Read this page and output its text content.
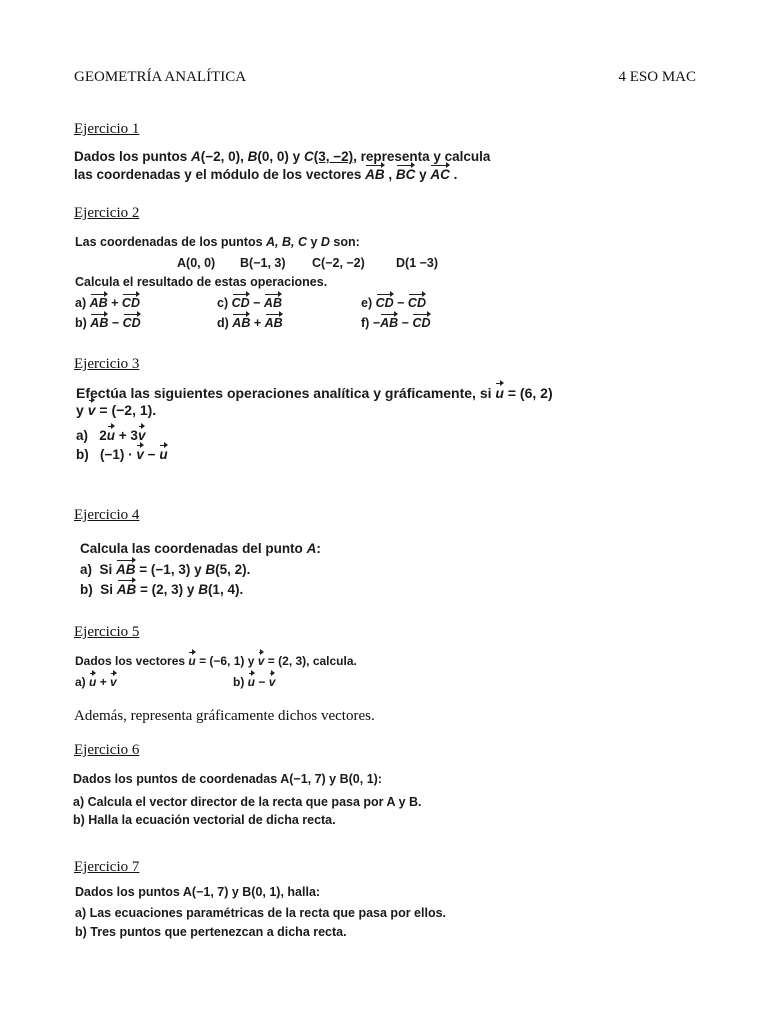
GEOMETRÍA ANALÍTICA	4 ESO MAC
Ejercicio 1
Dados los puntos A(−2, 0), B(0, 0) y C(3, −2), representa y calcula
las coordenadas y el módulo de los vectores AB , BC y AC .
Ejercicio 2
Las coordenadas de los puntos A, B, C y D son:
A(0, 0) B(−1, 3) C(−2, −2) D(1 −3)
Calcula el resultado de estas operaciones.
a) AB + CD
b) AB − CD
c) CD − AB
d) AB + AB
e) CD − CD
f) −AB − CD
Ejercicio 3
Efectúa las siguientes operaciones analítica y gráficamente, si u = (6, 2)
y v = (−2, 1).
a) 2u + 3v
b) (−1) · v − u
Ejercicio 4
Calcula las coordenadas del punto A:
a) Si AB = (−1, 3) y B(5, 2).
b) Si AB = (2, 3) y B(1, 4).
Ejercicio 5
Dados los vectores u = (−6, 1) y v = (2, 3), calcula.
a) u + v	b) u − v
Además, representa gráficamente dichos vectores.
Ejercicio 6
Dados los puntos de coordenadas A(−1, 7) y B(0, 1):
a) Calcula el vector director de la recta que pasa por A y B.
b) Halla la ecuación vectorial de dicha recta.
Ejercicio 7
Dados los puntos A(−1, 7) y B(0, 1), halla:
a) Las ecuaciones paramétricas de la recta que pasa por ellos.
b) Tres puntos que pertenezcan a dicha recta.
